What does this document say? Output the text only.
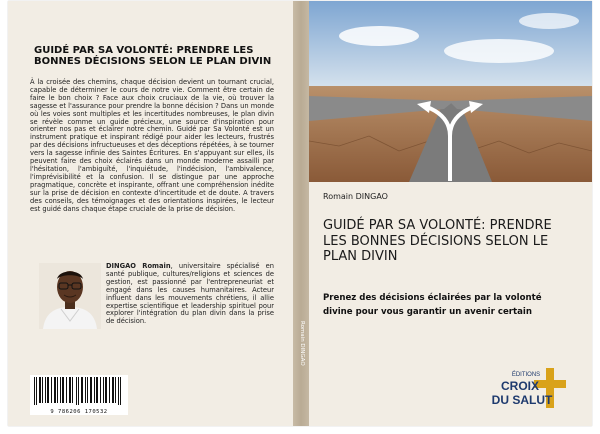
GUIDÉ PAR SA VOLONTÉ: PRENDRE LES BONNES DÉCISIONS SELON LE PLAN DIVIN
À la croisée des chemins, chaque décision devient un tournant crucial, capable de déterminer le cours de notre vie. Comment être certain de faire le bon choix ? Face aux choix cruciaux de la vie, où trouver la sagesse et l'assurance pour prendre la bonne décision ? Dans un monde où les voies sont multiples et les incertitudes nombreuses, le plan divin se révèle comme un guide précieux, une source d'inspiration pour orienter nos pas et éclairer notre chemin. Guidé par Sa Volonté est un instrument pratique et inspirant rédigé pour aider les lecteurs, frustrés par des décisions infructueuses et des déceptions répétées, à se tourner vers la sagesse infinie des Saintes Écritures. En s'appuyant sur elles, ils peuvent faire des choix éclairés dans un monde moderne assailli par l'hésitation, l'ambiguïté, l'inquiétude, l'indécision, l'ambivalence, l'imprévisibilité et la confusion. Il se distingue par une approche pragmatique, concrète et inspirante, offrant une compréhension inédite sur la prise de décision en contexte d'incertitude et de doute. A travers des conseils, des témoignages et des orientations inspirées, le lecteur est guidé dans chaque étape cruciale de la prise de décision.
DINGAO Romain, universitaire spécialisé en santé publique, cultures/religions et sciences de gestion, est passionné par l'entrepreneuriat et engagé dans les causes humanitaires. Acteur influent dans les mouvements chrétiens, il allie expertise scientifique et leadership spirituel pour explorer l'intégration du plan divin dans la prise de décision.
9 786206 170532
Romain DINGAO
Romain DINGAO
GUIDÉ PAR SA VOLONTÉ: PRENDRE LES BONNES DÉCISIONS SELON LE PLAN DIVIN
Prenez des décisions éclairées par la volonté divine pour vous garantir un avenir certain
ÉDITIONS
CROIX
DU SALUT
